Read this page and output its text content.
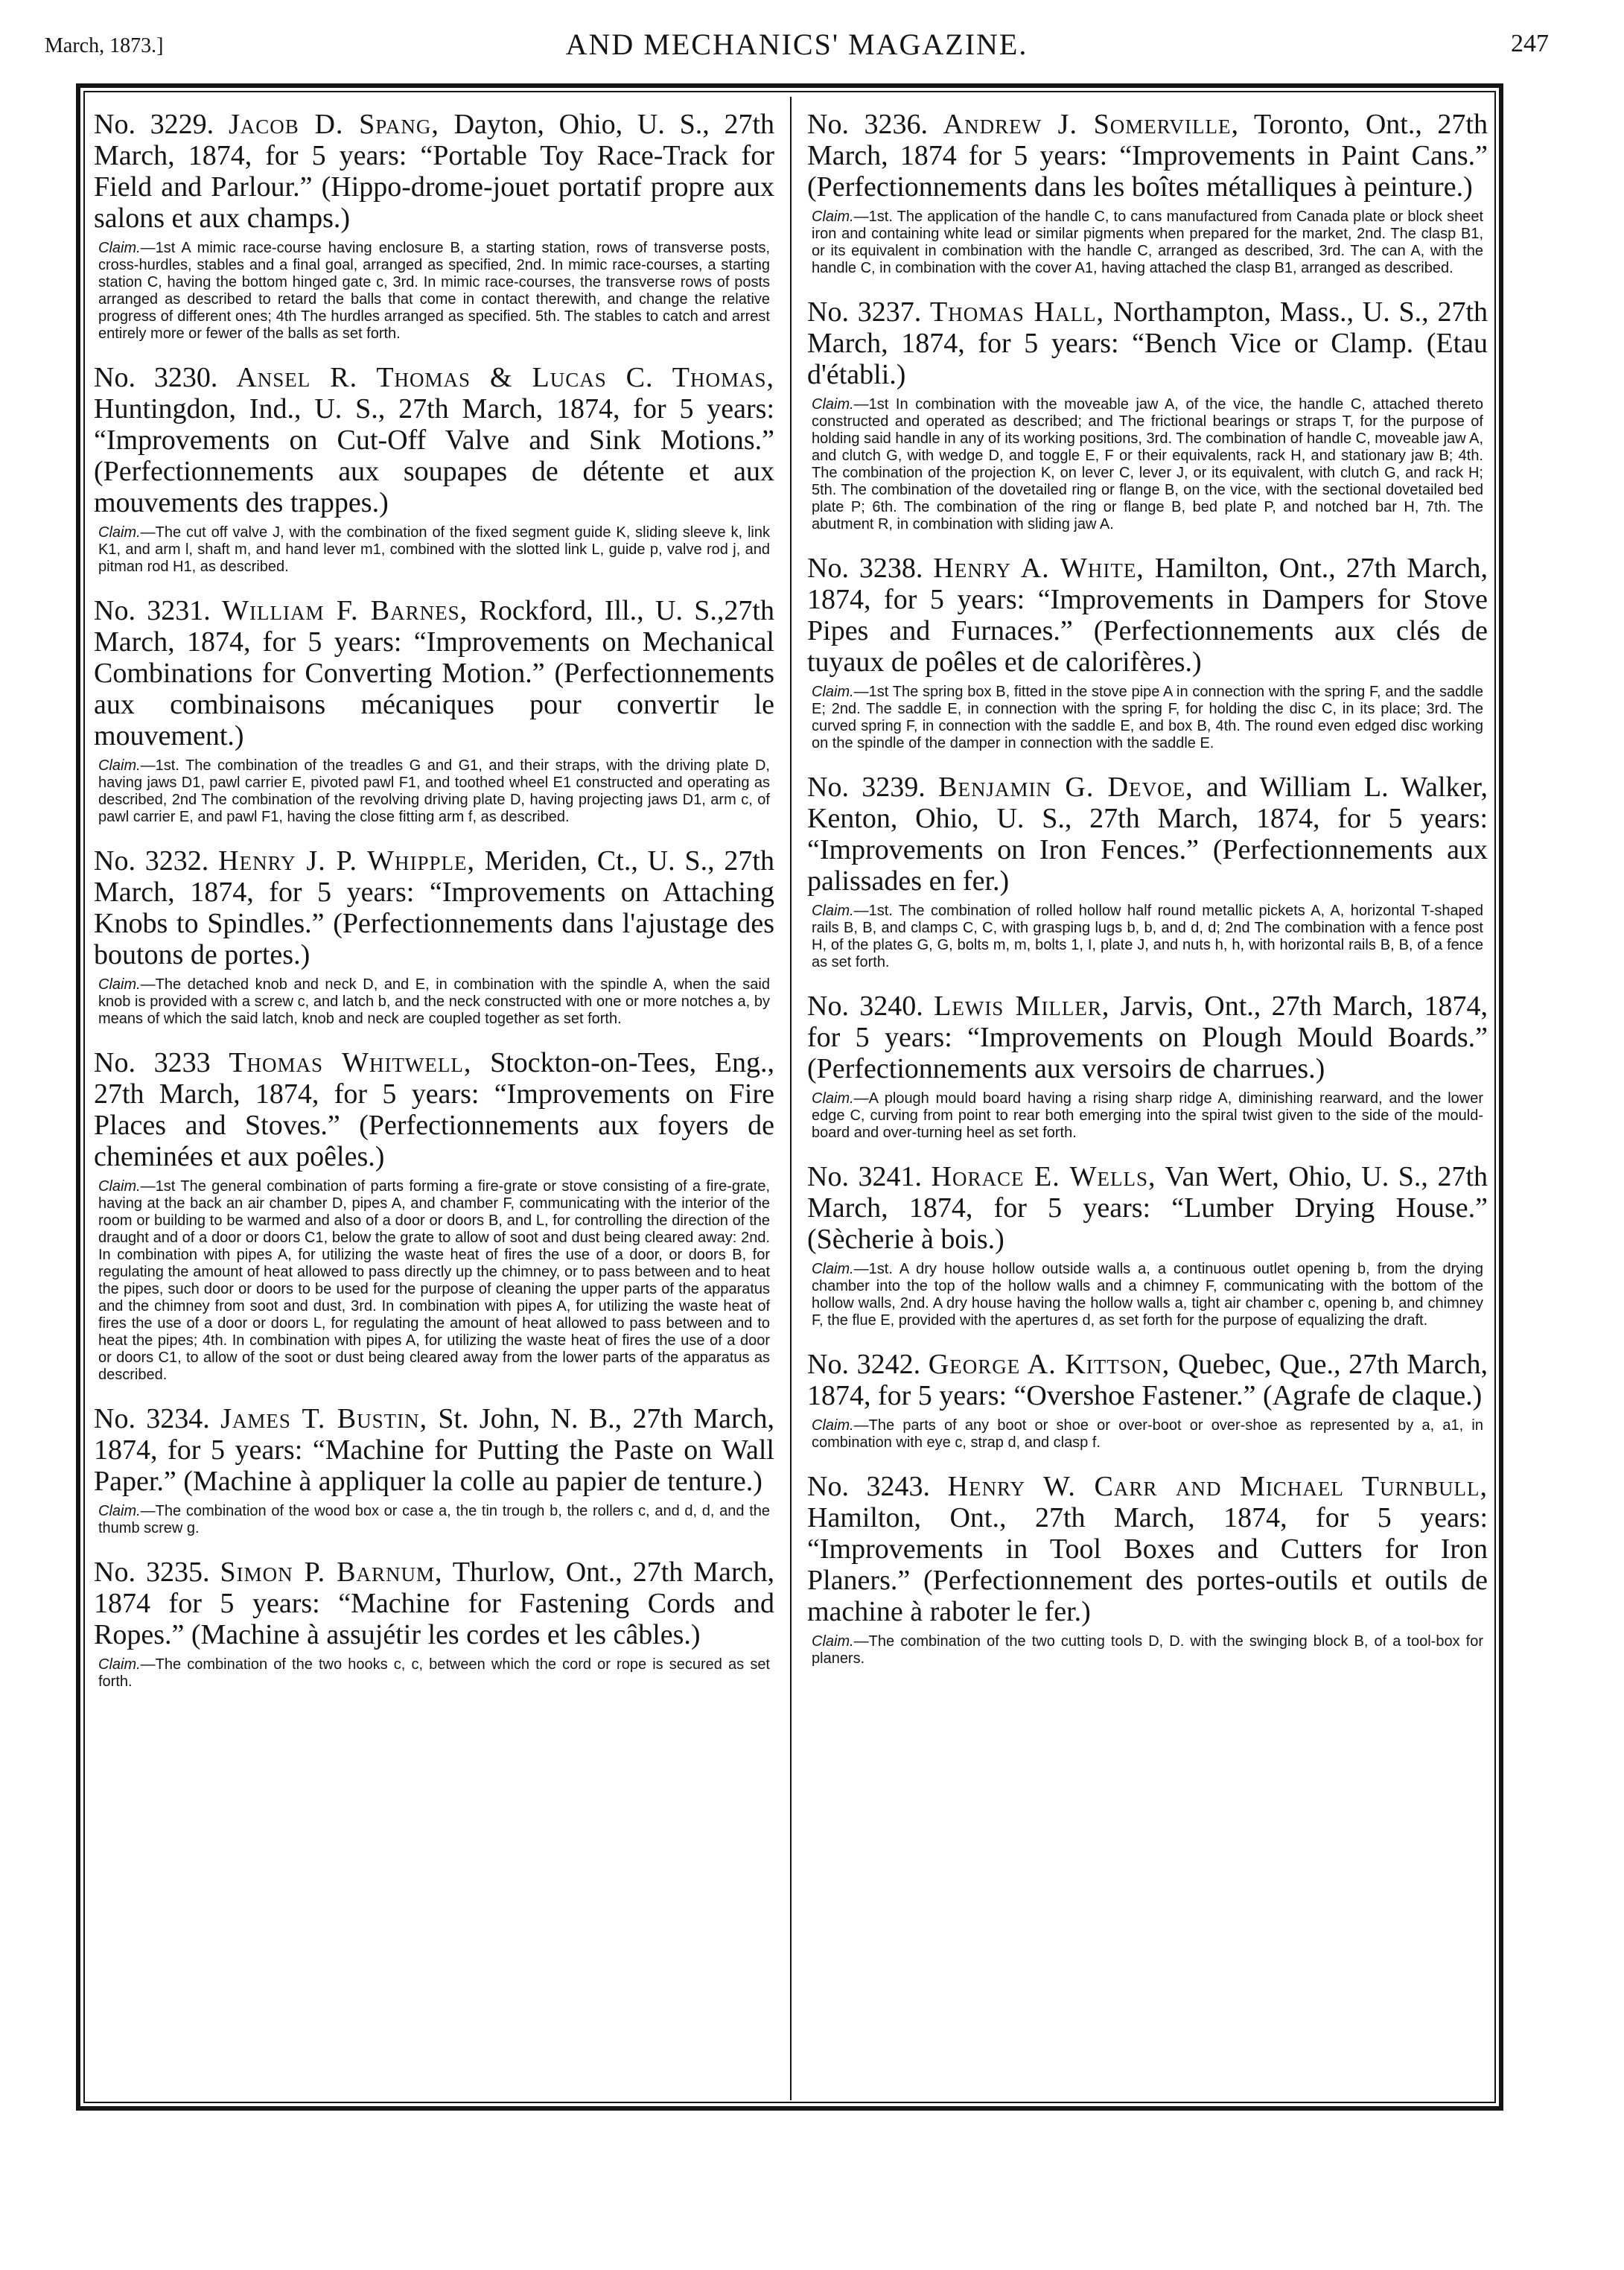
March, 1873.]	AND MECHANICS' MAGAZINE.	247
No. 3229. Jacob D. Spang, Dayton, Ohio, U. S., 27th March, 1874, for 5 years: “Portable Toy Race-Track for Field and Parlour.” (Hippo-drome-jouet portatif propre aux salons et aux champs.)
Claim.—1st A mimic race-course having enclosure B, a starting station, rows of transverse posts, cross-hurdles, stables and a final goal, arranged as specified, 2nd. In mimic race-courses, a starting station C, having the bottom hinged gate c, 3rd. In mimic race-courses, the transverse rows of posts arranged as described to retard the balls that come in contact therewith, and change the relative progress of different ones; 4th The hurdles arranged as specified. 5th. The stables to catch and arrest entirely more or fewer of the balls as set forth.
No. 3230. Ansel R. Thomas & Lucas C. Thomas, Huntingdon, Ind., U. S., 27th March, 1874, for 5 years: “Improvements on Cut-Off Valve and Sink Motions.” (Perfectionnements aux soupapes de détente et aux mouvements des trappes.)
Claim.—The cut off valve J, with the combination of the fixed segment guide K, sliding sleeve k, link K1, and arm l, shaft m, and hand lever m1, combined with the slotted link L, guide p, valve rod j, and pitman rod H1, as described.
No. 3231. William F. Barnes, Rockford, Ill., U. S.,27th March, 1874, for 5 years: “Improvements on Mechanical Combinations for Converting Motion.” (Perfectionnements aux combinaisons mécaniques pour convertir le mouvement.)
Claim.—1st. The combination of the treadles G and G1, and their straps, with the driving plate D, having jaws D1, pawl carrier E, pivoted pawl F1, and toothed wheel E1 constructed and operating as described, 2nd The combination of the revolving driving plate D, having projecting jaws D1, arm c, of pawl carrier E, and pawl F1, having the close fitting arm f, as described.
No. 3232. Henry J. P. Whipple, Meriden, Ct., U. S., 27th March, 1874, for 5 years: “Improvements on Attaching Knobs to Spindles.” (Perfectionnements dans l'ajustage des boutons de portes.)
Claim.—The detached knob and neck D, and E, in combination with the spindle A, when the said knob is provided with a screw c, and latch b, and the neck constructed with one or more notches a, by means of which the said latch, knob and neck are coupled together as set forth.
No. 3233 Thomas Whitwell, Stockton-on-Tees, Eng., 27th March, 1874, for 5 years: “Improvements on Fire Places and Stoves.” (Perfectionnements aux foyers de cheminées et aux poêles.)
Claim.—1st The general combination of parts forming a fire-grate or stove consisting of a fire-grate, having at the back an air chamber D, pipes A, and chamber F, communicating with the interior of the room or building to be warmed and also of a door or doors B, and L, for controlling the direction of the draught and of a door or doors C1, below the grate to allow of soot and dust being cleared away: 2nd. In combination with pipes A, for utilizing the waste heat of fires the use of a door, or doors B, for regulating the amount of heat allowed to pass directly up the chimney, or to pass between and to heat the pipes, such door or doors to be used for the purpose of cleaning the upper parts of the apparatus and the chimney from soot and dust, 3rd. In combination with pipes A, for utilizing the waste heat of fires the use of a door or doors L, for regulating the amount of heat allowed to pass between and to heat the pipes; 4th. In combination with pipes A, for utilizing the waste heat of fires the use of a door or doors C1, to allow of the soot or dust being cleared away from the lower parts of the apparatus as described.
No. 3234. James T. Bustin, St. John, N. B., 27th March, 1874, for 5 years: “Machine for Putting the Paste on Wall Paper.” (Machine à appliquer la colle au papier de tenture.)
Claim.—The combination of the wood box or case a, the tin trough b, the rollers c, and d, d, and the thumb screw g.
No. 3235. Simon P. Barnum, Thurlow, Ont., 27th March, 1874 for 5 years: “Machine for Fastening Cords and Ropes.” (Machine à assujétir les cordes et les câbles.)
Claim.—The combination of the two hooks c, c, between which the cord or rope is secured as set forth.
No. 3236. Andrew J. Somerville, Toronto, Ont., 27th March, 1874 for 5 years: “Improvements in Paint Cans.” (Perfectionnements dans les boîtes métalliques à peinture.)
Claim.—1st. The application of the handle C, to cans manufactured from Canada plate or block sheet iron and containing white lead or similar pigments when prepared for the market, 2nd. The clasp B1, or its equivalent in combination with the handle C, arranged as described, 3rd. The can A, with the handle C, in combination with the cover A1, having attached the clasp B1, arranged as described.
No. 3237. Thomas Hall, Northampton, Mass., U. S., 27th March, 1874, for 5 years: “Bench Vice or Clamp. (Etau d'établi.)
Claim.—1st In combination with the moveable jaw A, of the vice, the handle C, attached thereto constructed and operated as described; and The frictional bearings or straps T, for the purpose of holding said handle in any of its working positions, 3rd. The combination of handle C, moveable jaw A, and clutch G, with wedge D, and toggle E, F or their equivalents, rack H, and stationary jaw B; 4th. The combination of the projection K, on lever C, lever J, or its equivalent, with clutch G, and rack H; 5th. The combination of the dovetailed ring or flange B, on the vice, with the sectional dovetailed bed plate P; 6th. The combination of the ring or flange B, bed plate P, and notched bar H, 7th. The abutment R, in combination with sliding jaw A.
No. 3238. Henry A. White, Hamilton, Ont., 27th March, 1874, for 5 years: “Improvements in Dampers for Stove Pipes and Furnaces.” (Perfectionnements aux clés de tuyaux de poêles et de calorifères.)
Claim.—1st The spring box B, fitted in the stove pipe A in connection with the spring F, and the saddle E; 2nd. The saddle E, in connection with the spring F, for holding the disc C, in its place; 3rd. The curved spring F, in connection with the saddle E, and box B, 4th. The round even edged disc working on the spindle of the damper in connection with the saddle E.
No. 3239. Benjamin G. Devoe, and William L. Walker, Kenton, Ohio, U. S., 27th March, 1874, for 5 years: “Improvements on Iron Fences.” (Perfectionnements aux palissades en fer.)
Claim.—1st. The combination of rolled hollow half round metallic pickets A, A, horizontal T-shaped rails B, B, and clamps C, C, with grasping lugs b, b, and d, d; 2nd The combination with a fence post H, of the plates G, G, bolts m, m, bolts 1, I, plate J, and nuts h, h, with horizontal rails B, B, of a fence as set forth.
No. 3240. Lewis Miller, Jarvis, Ont., 27th March, 1874, for 5 years: “Improvements on Plough Mould Boards.” (Perfectionnements aux versoirs de charrues.)
Claim.—A plough mould board having a rising sharp ridge A, diminishing rearward, and the lower edge C, curving from point to rear both emerging into the spiral twist given to the side of the mould-board and over-turning heel as set forth.
No. 3241. Horace E. Wells, Van Wert, Ohio, U. S., 27th March, 1874, for 5 years: “Lumber Drying House.” (Sècherie à bois.)
Claim.—1st. A dry house hollow outside walls a, a continuous outlet opening b, from the drying chamber into the top of the hollow walls and a chimney F, communicating with the bottom of the hollow walls, 2nd. A dry house having the hollow walls a, tight air chamber c, opening b, and chimney F, the flue E, provided with the apertures d, as set forth for the purpose of equalizing the draft.
No. 3242. George A. Kittson, Quebec, Que., 27th March, 1874, for 5 years: “Overshoe Fastener.” (Agrafe de claque.)
Claim.—The parts of any boot or shoe or over-boot or over-shoe as represented by a, a1, in combination with eye c, strap d, and clasp f.
No. 3243. Henry W. Carr and Michael Turnbull, Hamilton, Ont., 27th March, 1874, for 5 years: “Improvements in Tool Boxes and Cutters for Iron Planers.” (Perfectionnement des portes-outils et outils de machine à raboter le fer.)
Claim.—The combination of the two cutting tools D, D. with the swinging block B, of a tool-box for planers.
